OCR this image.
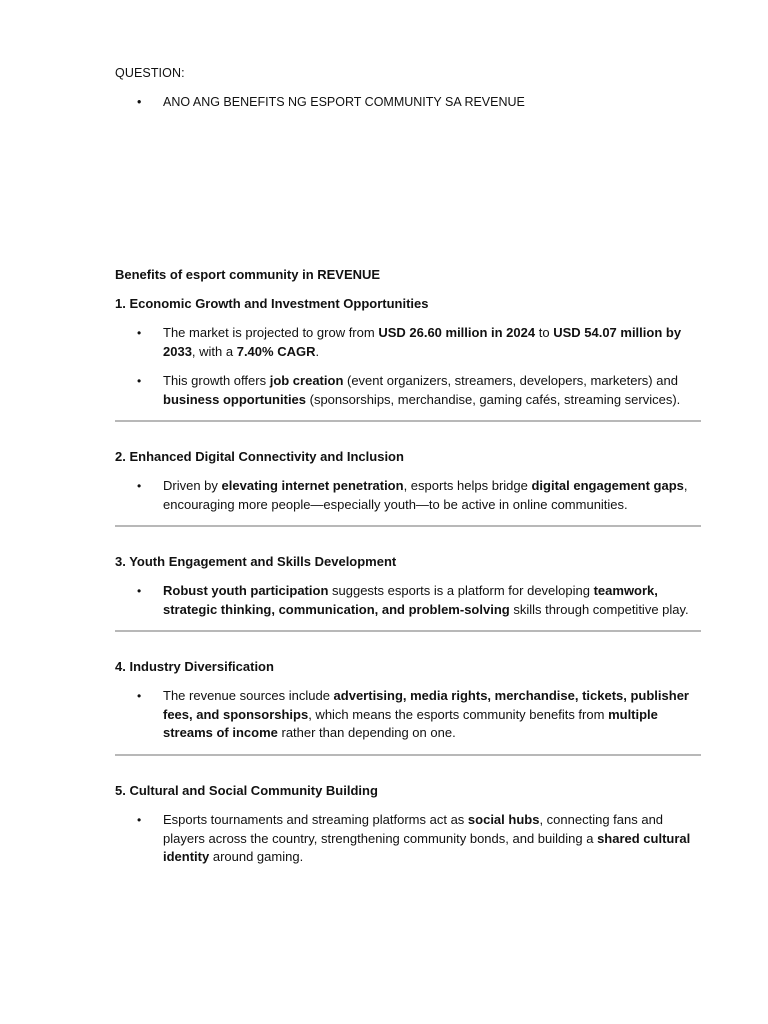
QUESTION:
• ANO ANG BENEFITS NG ESPORT COMMUNITY SA REVENUE

Benefits of esport community in REVENUE

1. Economic Growth and Investment Opportunities

• The market is projected to grow from USD 26.60 million in 2024 to USD 54.07 million by 2033, with a 7.40% CAGR.

• This growth offers job creation (event organizers, streamers, developers, marketers) and business opportunities (sponsorships, merchandise, gaming cafés, streaming services).

2. Enhanced Digital Connectivity and Inclusion

• Driven by elevating internet penetration, esports helps bridge digital engagement gaps, encouraging more people—especially youth—to be active in online communities.

3. Youth Engagement and Skills Development

• Robust youth participation suggests esports is a platform for developing teamwork, strategic thinking, communication, and problem-solving skills through competitive play.

4. Industry Diversification

• The revenue sources include advertising, media rights, merchandise, tickets, publisher fees, and sponsorships, which means the esports community benefits from multiple streams of income rather than depending on one.

5. Cultural and Social Community Building

• Esports tournaments and streaming platforms act as social hubs, connecting fans and players across the country, strengthening community bonds, and building a shared cultural identity around gaming.
